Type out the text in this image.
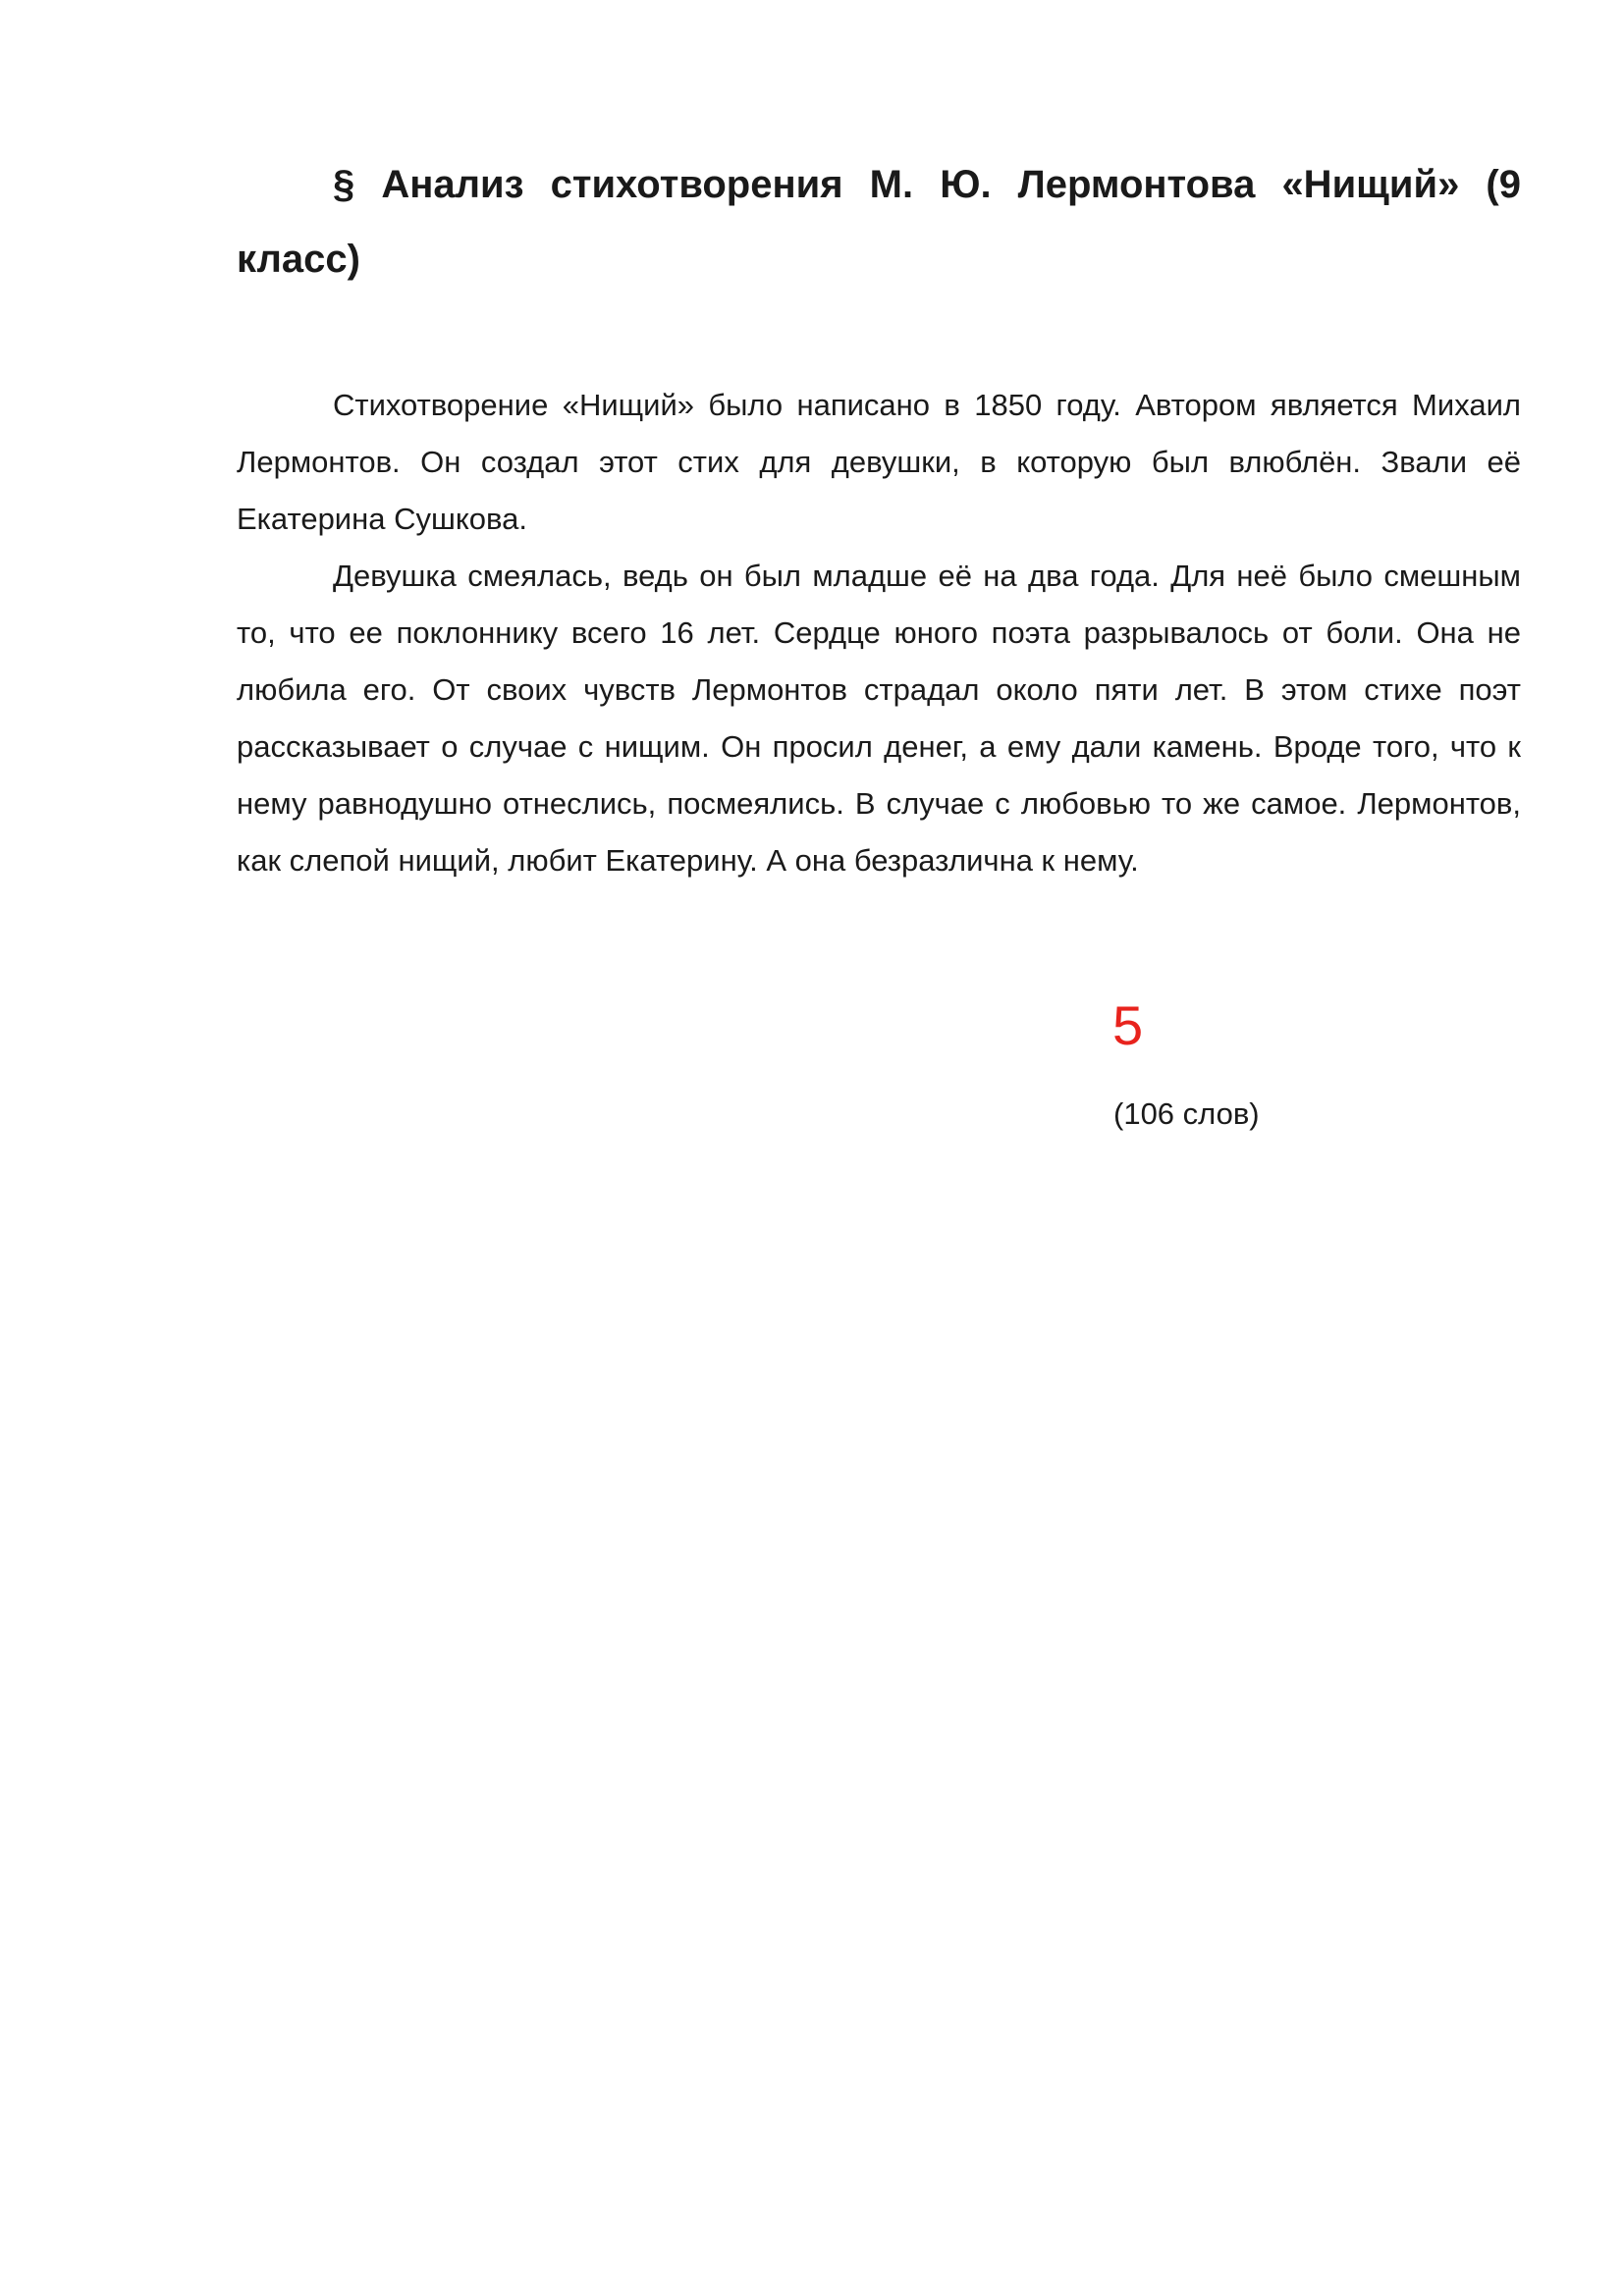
§ Анализ стихотворения М. Ю. Лермонтова «Нищий» (9 класс)

Стихотворение «Нищий» было написано в 1850 году. Автором является Михаил Лермонтов. Он создал этот стих для девушки, в которую был влюблён. Звали её Екатерина Сушкова.

Девушка смеялась, ведь он был младше её на два года. Для неё было смешным то, что ее поклоннику всего 16 лет. Сердце юного поэта разрывалось от боли. Она не любила его. От своих чувств Лермонтов страдал около пяти лет. В этом стихе поэт рассказывает о случае с нищим. Он просил денег, а ему дали камень. Вроде того, что к нему равнодушно отнеслись, посмеялись. В случае с любовью то же самое. Лермонтов, как слепой нищий, любит Екатерину. А она безразлична к нему.

5
(106 слов)
